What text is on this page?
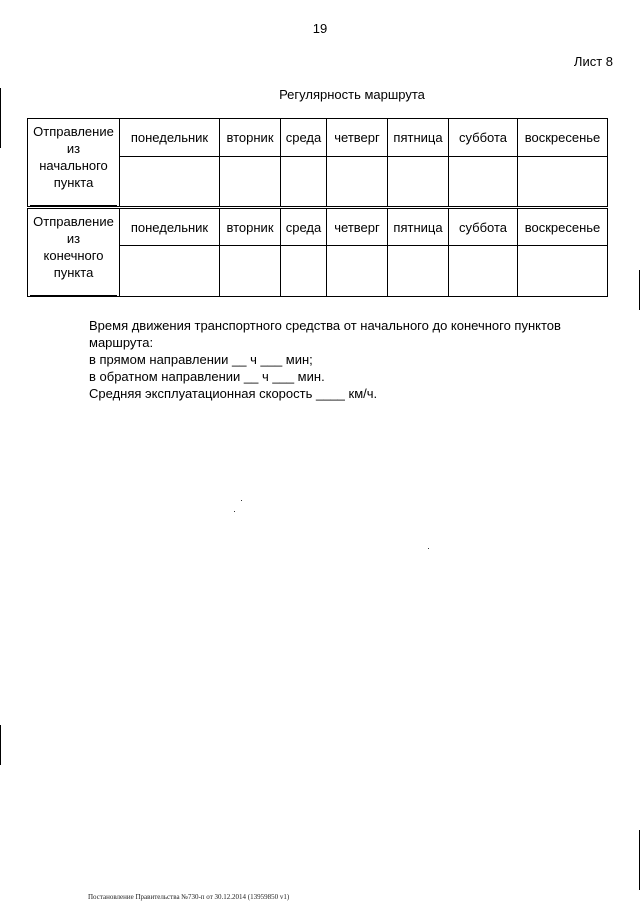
19
Лист 8
Регулярность маршрута
Отправление
из
начального
пункта	понедельник	вторник	среда	четверг	пятница	суббота	воскресенье

Отправление
из
конечного
пункта	понедельник	вторник	среда	четверг	пятница	суббота	воскресенье

Время движения транспортного средства от начального до конечного пунктов
маршрута:
в прямом направлении __ ч ___ мин;
в обратном направлении __ ч ___ мин.
Средняя эксплуатационная скорость ____ км/ч.
Постановление Правительства №730-п от 30.12.2014 (13959850 v1)
